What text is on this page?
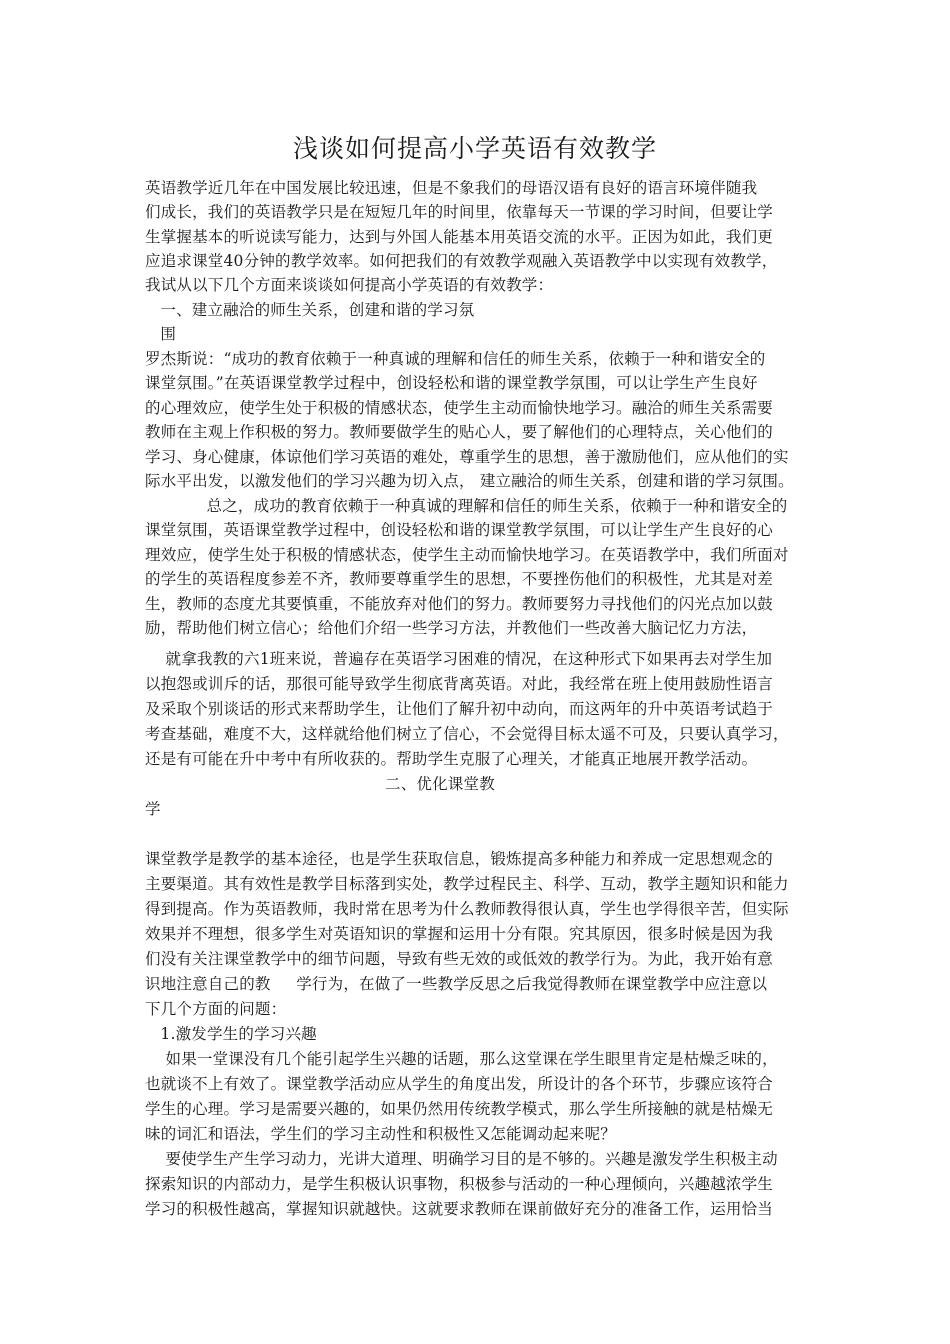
浅谈如何提高小学英语有效教学
英语教学近几年在中国发展比较迅速，但是不象我们的母语汉语有良好的语言环境伴随我
们成长，我们的英语教学只是在短短几年的时间里，依靠每天一节课的学习时间，但要让学
生掌握基本的听说读写能力，达到与外国人能基本用英语交流的水平。正因为如此，我们更
应追求课堂40分钟的教学效率。如何把我们的有效教学观融入英语教学中以实现有效教学，
我试从以下几个方面来谈谈如何提高小学英语的有效教学：
一、建立融洽的师生关系，创建和谐的学习氛
围
罗杰斯说：“成功的教育依赖于一种真诚的理解和信任的师生关系，依赖于一种和谐安全的
课堂氛围。”在英语课堂教学过程中，创设轻松和谐的课堂教学氛围，可以让学生产生良好
的心理效应，使学生处于积极的情感状态，使学生主动而愉快地学习。融洽的师生关系需要
教师在主观上作积极的努力。教师要做学生的贴心人，要了解他们的心理特点，关心他们的
学习、身心健康，体谅他们学习英语的难处，尊重学生的思想，善于激励他们，应从他们的实
际水平出发，以激发他们的学习兴趣为切入点， 建立融洽的师生关系，创建和谐的学习氛围。
总之，成功的教育依赖于一种真诚的理解和信任的师生关系，依赖于一种和谐安全的
课堂氛围，英语课堂教学过程中，创设轻松和谐的课堂教学氛围，可以让学生产生良好的心
理效应，使学生处于积极的情感状态，使学生主动而愉快地学习。在英语教学中，我们所面对
的学生的英语程度参差不齐，教师要尊重学生的思想，不要挫伤他们的积极性，尤其是对差
生，教师的态度尤其要慎重，不能放弃对他们的努力。教师要努力寻找他们的闪光点加以鼓
励，帮助他们树立信心；给他们介绍一些学习方法，并教他们一些改善大脑记忆力方法，
就拿我教的六1班来说，普遍存在英语学习困难的情况，在这种形式下如果再去对学生加
以抱怨或训斥的话，那很可能导致学生彻底背离英语。对此，我经常在班上使用鼓励性语言
及采取个别谈话的形式来帮助学生，让他们了解升初中动向，而这两年的升中英语考试趋于
考查基础，难度不大，这样就给他们树立了信心，不会觉得目标太遥不可及，只要认真学习，
还是有可能在升中考中有所收获的。帮助学生克服了心理关，才能真正地展开教学活动。
二、优化课堂教
学
课堂教学是教学的基本途径，也是学生获取信息，锻炼提高多种能力和养成一定思想观念的
主要渠道。其有效性是教学目标落到实处，教学过程民主、科学、互动，教学主题知识和能力
得到提高。作为英语教师，我时常在思考为什么教师教得很认真，学生也学得很辛苦，但实际
效果并不理想，很多学生对英语知识的掌握和运用十分有限。究其原因，很多时候是因为我
们没有关注课堂教学中的细节问题，导致有些无效的或低效的教学行为。为此，我开始有意
识地注意自己的教     学行为，在做了一些教学反思之后我觉得教师在课堂教学中应注意以
下几个方面的问题：
1.激发学生的学习兴趣
如果一堂课没有几个能引起学生兴趣的话题，那么这堂课在学生眼里肯定是枯燥乏味的，
也就谈不上有效了。课堂教学活动应从学生的角度出发，所设计的各个环节，步骤应该符合
学生的心理。学习是需要兴趣的，如果仍然用传统教学模式，那么学生所接触的就是枯燥无
味的词汇和语法，学生们的学习主动性和积极性又怎能调动起来呢？
要使学生产生学习动力，光讲大道理、明确学习目的是不够的。兴趣是激发学生积极主动
探索知识的内部动力，是学生积极认识事物，积极参与活动的一种心理倾向，兴趣越浓学生
学习的积极性越高，掌握知识就越快。这就要求教师在课前做好充分的准备工作，运用恰当
